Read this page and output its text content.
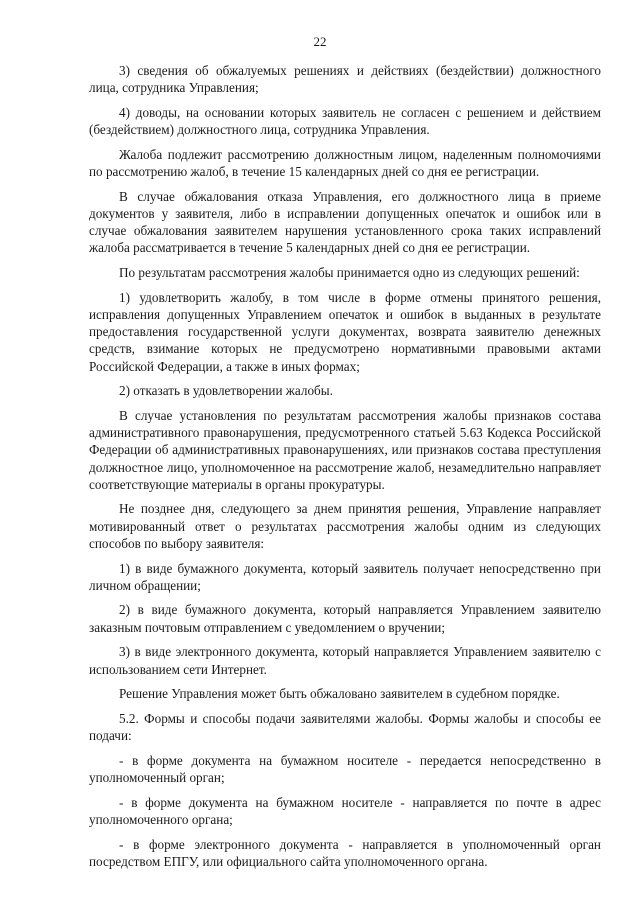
22

3) сведения об обжалуемых решениях и действиях (бездействии) должностного лица, сотрудника Управления;

4) доводы, на основании которых заявитель не согласен с решением и действием (бездействием) должностного лица, сотрудника Управления.

Жалоба подлежит рассмотрению должностным лицом, наделенным полномочиями по рассмотрению жалоб, в течение 15 календарных дней со дня ее регистрации.

В случае обжалования отказа Управления, его должностного лица в приеме документов у заявителя, либо в исправлении допущенных опечаток и ошибок или в случае обжалования заявителем нарушения установленного срока таких исправлений жалоба рассматривается в течение 5 календарных дней со дня ее регистрации.

По результатам рассмотрения жалобы принимается одно из следующих решений:

1) удовлетворить жалобу, в том числе в форме отмены принятого решения, исправления допущенных Управлением опечаток и ошибок в выданных в результате предоставления государственной услуги документах, возврата заявителю денежных средств, взимание которых не предусмотрено нормативными правовыми актами Российской Федерации, а также в иных формах;

2) отказать в удовлетворении жалобы.

В случае установления по результатам рассмотрения жалобы признаков состава административного правонарушения, предусмотренного статьей 5.63 Кодекса Российской Федерации об административных правонарушениях, или признаков состава преступления должностное лицо, уполномоченное на рассмотрение жалоб, незамедлительно направляет соответствующие материалы в органы прокуратуры.

Не позднее дня, следующего за днем принятия решения, Управление направляет мотивированный ответ о результатах рассмотрения жалобы одним из следующих способов по выбору заявителя:

1) в виде бумажного документа, который заявитель получает непосредственно при личном обращении;

2) в виде бумажного документа, который направляется Управлением заявителю заказным почтовым отправлением с уведомлением о вручении;

3) в виде электронного документа, который направляется Управлением заявителю с использованием сети Интернет.

Решение Управления может быть обжаловано заявителем в судебном порядке.

5.2. Формы и способы подачи заявителями жалобы. Формы жалобы и способы ее подачи:

- в форме документа на бумажном носителе - передается непосредственно в уполномоченный орган;

- в форме документа на бумажном носителе - направляется по почте в адрес уполномоченного органа;

- в форме электронного документа - направляется в уполномоченный орган посредством ЕПГУ, или официального сайта уполномоченного органа.
